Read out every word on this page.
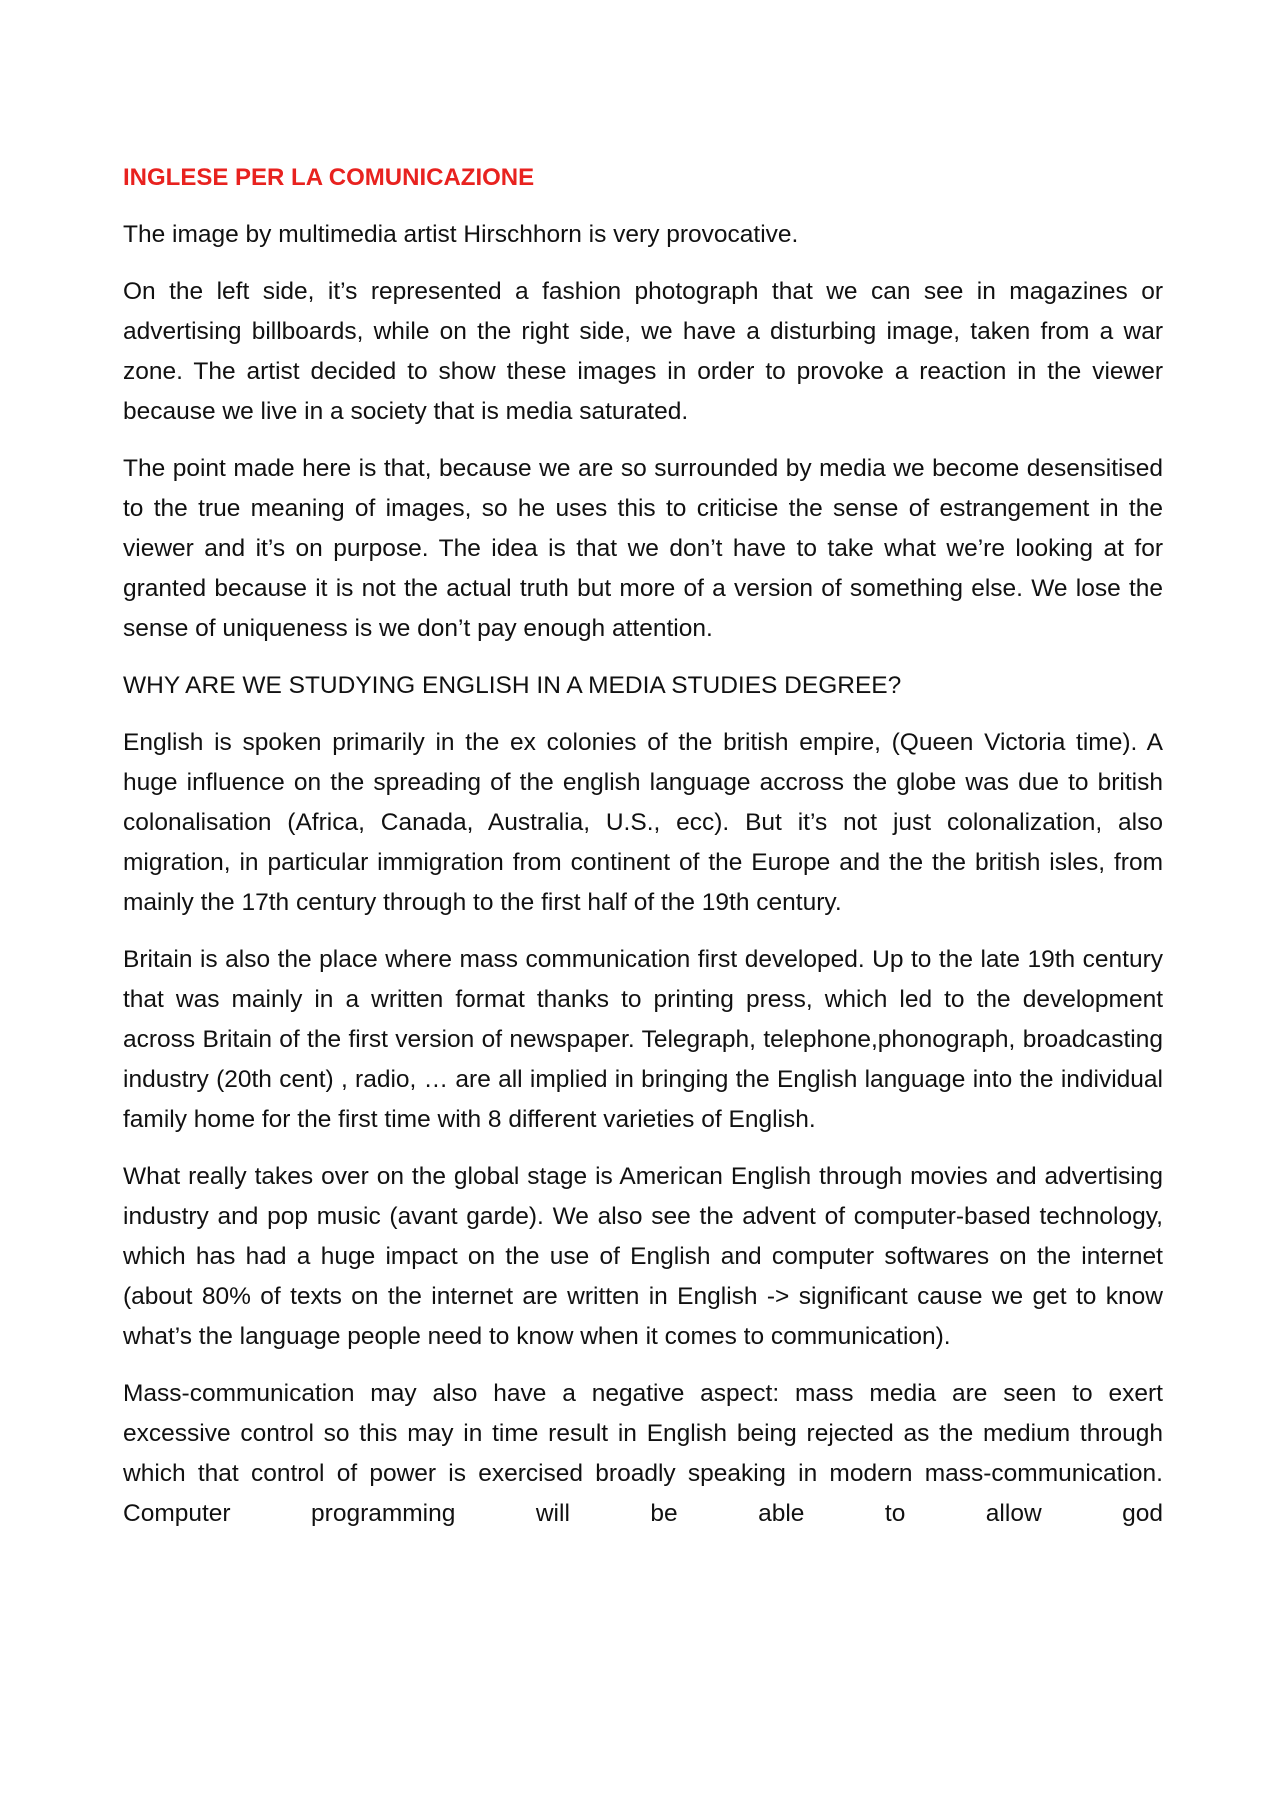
INGLESE PER LA COMUNICAZIONE

The image by multimedia artist Hirschhorn is very provocative.

On the left side, it’s represented a fashion photograph that we can see in magazines or advertising billboards, while on the right side, we have a disturbing image, taken from a war zone. The artist decided to show these images in order to provoke a reaction in the viewer because we live in a society that is media saturated.

The point made here is that, because we are so surrounded by media we become desensitised to the true meaning of images, so he uses this to criticise the sense of estrangement in the viewer and it’s on purpose. The idea is that we don’t have to take what we’re looking at for granted because it is not the actual truth but more of a version of something else. We lose the sense of uniqueness is we don’t pay enough attention.

WHY ARE WE STUDYING ENGLISH IN A MEDIA STUDIES DEGREE?

English is spoken primarily in the ex colonies of the british empire, (Queen Victoria time). A huge influence on the spreading of the english language accross the globe was due to british colonalisation (Africa, Canada, Australia, U.S., ecc). But it’s not just colonalization, also migration, in particular immigration from continent of the Europe and the the british isles, from mainly the 17th century through to the first half of the 19th century.

Britain is also the place where mass communication first developed. Up to the late 19th century that was mainly in a written format thanks to printing press, which led to the development across Britain of the first version of newspaper. Telegraph, telephone,phonograph, broadcasting industry (20th cent) , radio, … are all implied in bringing the English language into the individual family home for the first time with 8 different varieties of English.

What really takes over on the global stage is American English through movies and advertising industry and pop music (avant garde). We also see the advent of computer-based technology, which has had a huge impact on the use of English and computer softwares on the internet (about 80% of texts on the internet are written in English -> significant cause we get to know what’s the language people need to know when it comes to communication).

Mass-communication may also have a negative aspect: mass media are seen to exert excessive control so this may in time result in English being rejected as the medium through which that control of power is exercised broadly speaking in modern mass-communication. Computer programming will be able to allow god
